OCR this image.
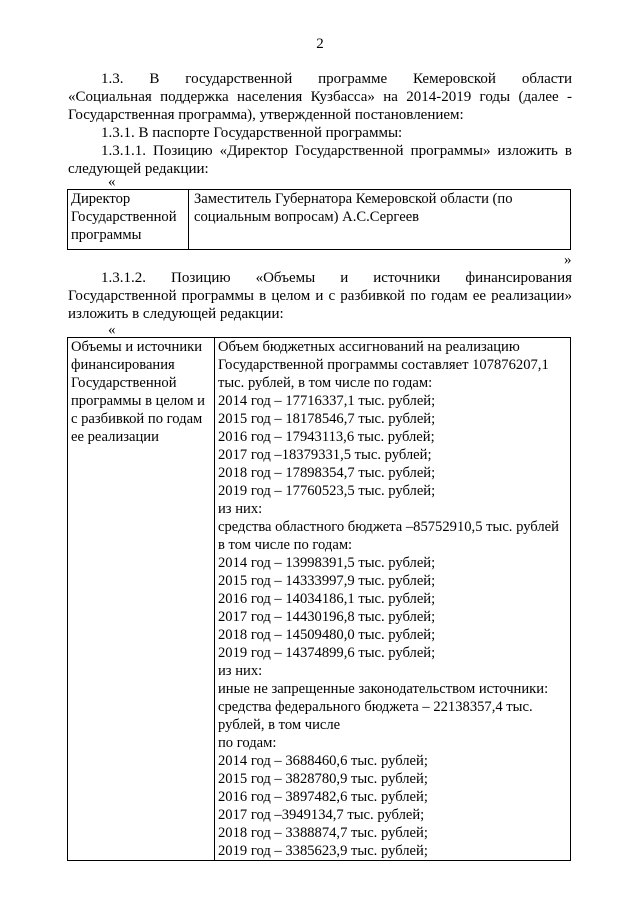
2
1.3. В государственной программе Кемеровской области
«Социальная поддержка населения Кузбасса» на 2014-2019 годы (далее -
Государственная программа), утвержденной постановлением:
1.3.1. В паспорте Государственной программы:
1.3.1.1. Позицию «Директор Государственной программы» изложить в
следующей редакции:
«
Директор
Государственной
программы

Заместитель Губернатора Кемеровской области (по
социальным вопросам) А.С.Сергеев
»
1.3.1.2. Позицию «Объемы и источники финансирования
Государственной программы в целом и с разбивкой по годам ее реализации»
изложить в следующей редакции:
«
Объемы и источники
финансирования
Государственной
программы в целом и
с разбивкой по годам
ее реализации

Объем бюджетных ассигнований на реализацию
Государственной программы составляет 107876207,1
тыс. рублей, в том числе по годам:
2014 год – 17716337,1 тыс. рублей;
2015 год – 18178546,7 тыс. рублей;
2016 год – 17943113,6 тыс. рублей;
2017 год –18379331,5 тыс. рублей;
2018 год – 17898354,7 тыс. рублей;
2019 год – 17760523,5 тыс. рублей;
из них:
средства областного бюджета –85752910,5 тыс. рублей
в том числе по годам:
2014 год – 13998391,5 тыс. рублей;
2015 год – 14333997,9 тыс. рублей;
2016 год – 14034186,1 тыс. рублей;
2017 год – 14430196,8 тыс. рублей;
2018 год – 14509480,0 тыс. рублей;
2019 год – 14374899,6 тыс. рублей;
из них:
иные не запрещенные законодательством источники:
средства федерального бюджета – 22138357,4 тыс.
рублей, в том числе
по годам:
2014 год – 3688460,6 тыс. рублей;
2015 год – 3828780,9 тыс. рублей;
2016 год – 3897482,6 тыс. рублей;
2017 год –3949134,7 тыс. рублей;
2018 год – 3388874,7 тыс. рублей;
2019 год – 3385623,9 тыс. рублей;
